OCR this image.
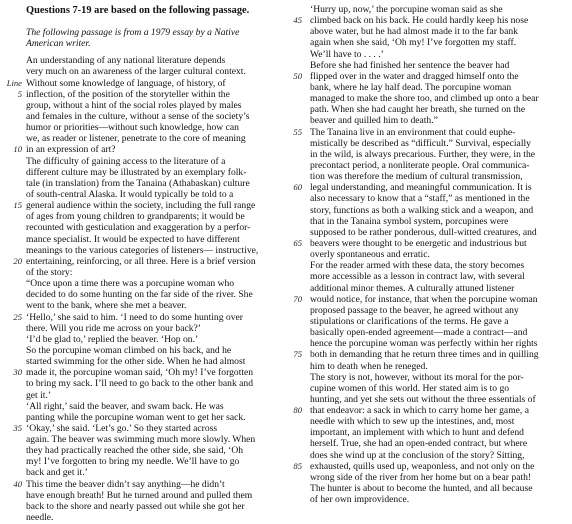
Questions 7-19 are based on the following passage.
The following passage is from a 1979 essay by a Native
American writer.
An understanding of any national literature depends
very much on an awareness of the larger cultural context.
Without some knowledge of language, of history, of
inflection, of the position of the storyteller within the
group, without a hint of the social roles played by males
and females in the culture, without a sense of the society’s
humor or priorities—without such knowledge, how can
we, as reader or listener, penetrate to the core of meaning
in an expression of art?
The difficulty of gaining access to the literature of a
different culture may be illustrated by an exemplary folk-
tale (in translation) from the Tanaina (Athabaskan) culture
of south-central Alaska. It would typically be told to a
general audience within the society, including the full range
of ages from young children to grandparents; it would be
recounted with gesticulation and exaggeration by a perfor-
mance specialist. It would be expected to have different
meanings to the various categories of listeners— instructive,
entertaining, reinforcing, or all three. Here is a brief version
of the story:
“Once upon a time there was a porcupine woman who
decided to do some hunting on the far side of the river. She
went to the bank, where she met a beaver.
‘Hello,’ she said to him. ‘I need to do some hunting over
there. Will you ride me across on your back?’
‘I’d be glad to,’ replied the beaver. ‘Hop on.’
So the porcupine woman climbed on his back, and he
started swimming for the other side. When he had almost
made it, the porcupine woman said, ‘Oh my! I’ve forgotten
to bring my sack. I’ll need to go back to the other bank and
get it.’
‘All right,’ said the beaver, and swam back. He was
panting while the porcupine woman went to get her sack.
‘Okay,’ she said. ‘Let’s go.’ So they started across
again. The beaver was swimming much more slowly. When
they had practically reached the other side, she said, ‘Oh
my! I’ve forgotten to bring my needle. We’ll have to go
back and get it.’
This time the beaver didn’t say anything—he didn’t
have enough breath! But he turned around and pulled them
back to the shore and nearly passed out while she got her
needle.
Line
5
10
15
20
25
30
35
40
45
50
55
60
65
70
75
80
85
‘Hurry up, now,’ the porcupine woman said as she
climbed back on his back. He could hardly keep his nose
above water, but he had almost made it to the far bank
again when she said, ‘Oh my! I’ve forgotten my staff.
We’ll have to . . . .’
Before she had finished her sentence the beaver had
flipped over in the water and dragged himself onto the
bank, where he lay half dead. The porcupine woman
managed to make the shore too, and climbed up onto a bear
path. When she had caught her breath, she turned on the
beaver and quilled him to death.”
The Tanaina live in an environment that could euphe-
mistically be described as “difficult.” Survival, especially
in the wild, is always precarious. Further, they were, in the
precontact period, a nonliterate people. Oral communica-
tion was therefore the medium of cultural transmission,
legal understanding, and meaningful communication. It is
also necessary to know that a “staff,” as mentioned in the
story, functions as both a walking stick and a weapon, and
that in the Tanaina symbol system, porcupines were
supposed to be rather ponderous, dull-witted creatures, and
beavers were thought to be energetic and industrious but
overly spontaneous and erratic.
For the reader armed with these data, the story becomes
more accessible as a lesson in contract law, with several
additional minor themes. A culturally attuned listener
would notice, for instance, that when the porcupine woman
proposed passage to the beaver, he agreed without any
stipulations or clarifications of the terms. He gave a
basically open-ended agreement—made a contract—and
hence the porcupine woman was perfectly within her rights
both in demanding that he return three times and in quilling
him to death when he reneged.
The story is not, however, without its moral for the por-
cupine women of this world. Her stated aim is to go
hunting, and yet she sets out without the three essentials of
that endeavor: a sack in which to carry home her game, a
needle with which to sew up the intestines, and, most
important, an implement with which to hunt and defend
herself. True, she had an open-ended contract, but where
does she wind up at the conclusion of the story? Sitting,
exhausted, quills used up, weaponless, and not only on the
wrong side of the river from her home but on a bear path!
The hunter is about to become the hunted, and all because
of her own improvidence.
